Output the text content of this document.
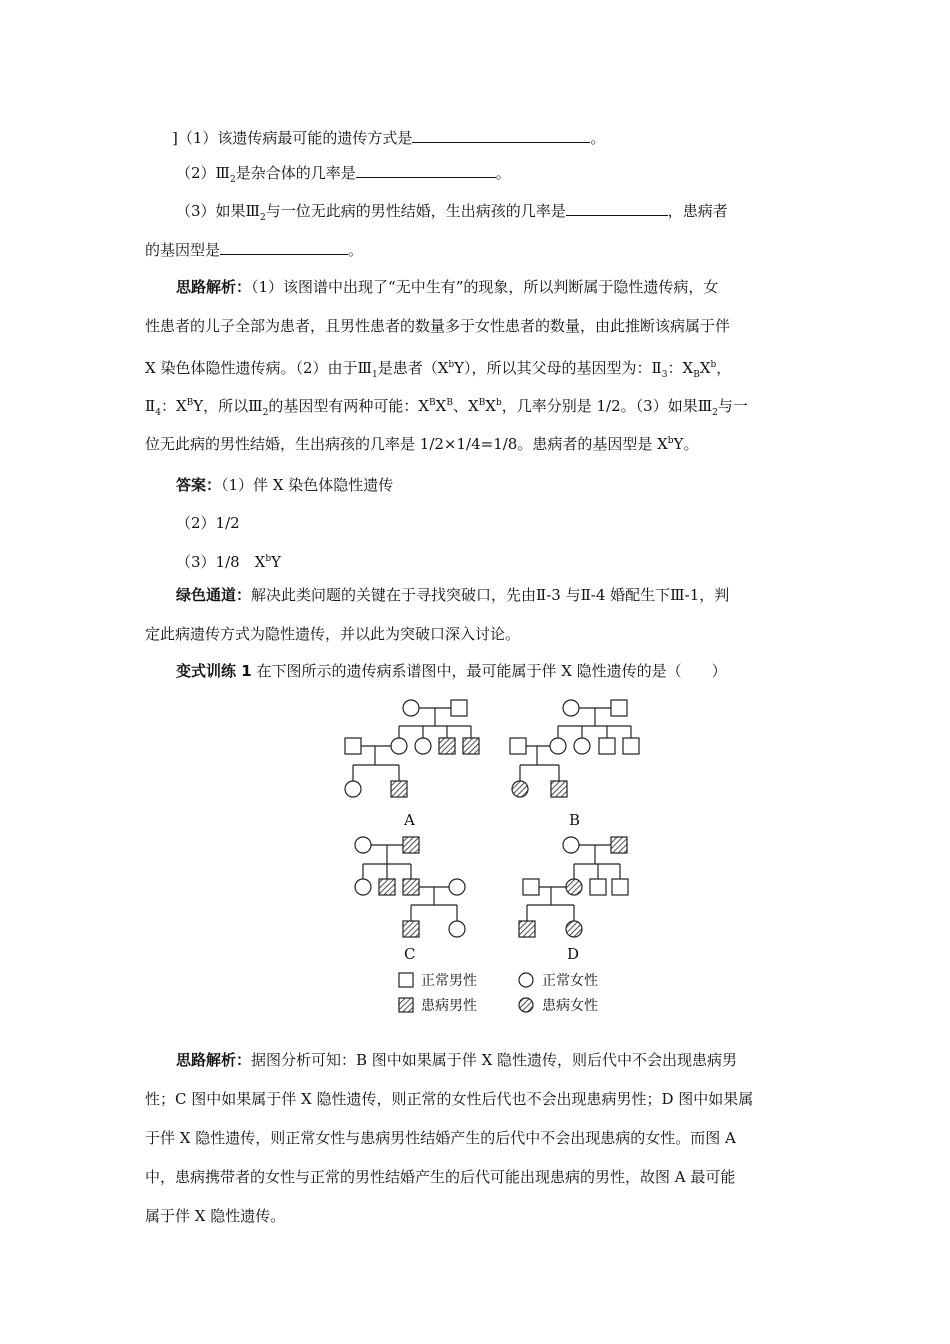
]（1）该遗传病最可能的遗传方式是	。
$(2)Ⅲ_2$是杂合体的几率是	。
（3）如果$Ⅲ_2$与一位无此病的男性结婚，生出病孩的几率是	，患病者
的基因型是	。
思路解析：（1）该图谱中出现了“无中生有”的现象，所以判断属于隐性遗传病，女
性患者的儿子全部为患者，且男性患者的数量多于女性患者的数量，由此推断该病属于伴
X 染色体隐性遗传病。（2）由于$Ⅲ_1$是患者$(X^bY)$，所以其父母的基因型为：$Ⅱ_3$：$X_BX^b$，
$Ⅱ_4$：$X^BY$，所以$Ⅲ_2$的基因型有两种可能：$X^BX^B$、$X^BX^b$，几率分别是 1/2。（3）如果$Ⅲ_2$与一
位无此病的男性结婚，生出病孩的几率是 1/2×1/4=1/8。患病者的基因型是 $X^bY$。
答案：（1）伴 X 染色体隐性遗传
（2）1/2
（3）1/8　$X^bY$
绿色通道：解决此类问题的关键在于寻找突破口，先由Ⅱ-3 与Ⅱ-4 婚配生下Ⅲ-1，判
定此病遗传方式为隐性遗传，并以此为突破口深入讨论。
变式训练 1 在下图所示的遗传病系谱图中，最可能属于伴 X 隐性遗传的是（　　）
A	B
C	D
正常男性	正常女性
患病男性	患病女性
思路解析：据图分析可知：B 图中如果属于伴 X 隐性遗传，则后代中不会出现患病男
性；C 图中如果属于伴 X 隐性遗传，则正常的女性后代也不会出现患病男性；D 图中如果属
于伴 X 隐性遗传，则正常女性与患病男性结婚产生的后代中不会出现患病的女性。而图 A
中，患病携带者的女性与正常的男性结婚产生的后代可能出现患病的男性，故图 A 最可能
属于伴 X 隐性遗传。
